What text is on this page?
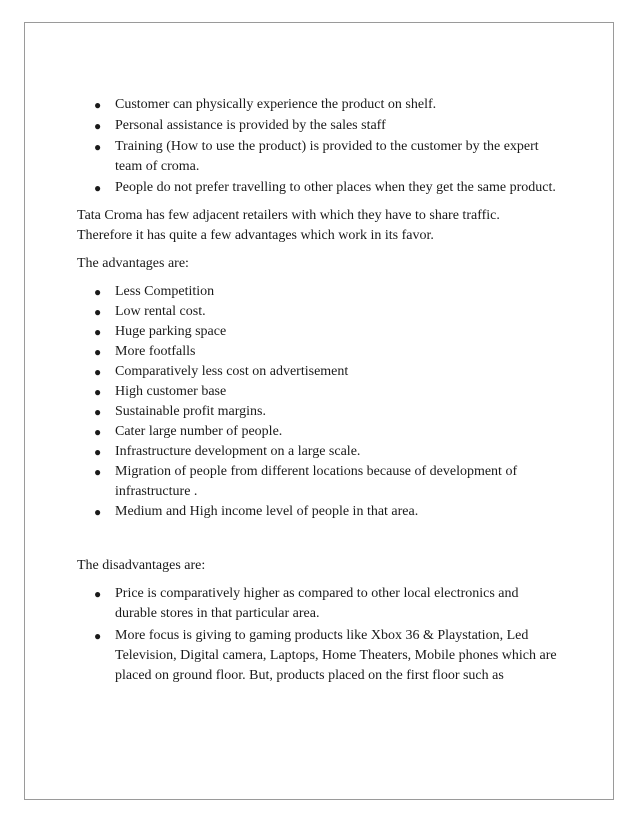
● Customer can physically experience the product on shelf.
● Personal assistance is provided by the sales staff
● Training (How to use the product) is provided to the customer by the expert team of croma.
● People do not prefer travelling to other places when they get the same product.

Tata Croma has few adjacent retailers with which they have to share traffic. Therefore it has quite a few advantages which work in its favor.

The advantages are:

● Less Competition
● Low rental cost.
● Huge parking space
● More footfalls
● Comparatively less cost on advertisement
● High customer base
● Sustainable profit margins.
● Cater large number of people.
● Infrastructure development on a large scale.
● Migration of people from different locations because of development of infrastructure .
● Medium and High income level of people in that area.

The disadvantages are:

● Price is comparatively higher as compared to other local electronics and durable stores in that particular area.
● More focus is giving to gaming products like Xbox 36 & Playstation, Led Television, Digital camera, Laptops, Home Theaters, Mobile phones which are placed on ground floor. But, products placed on the first floor such as
